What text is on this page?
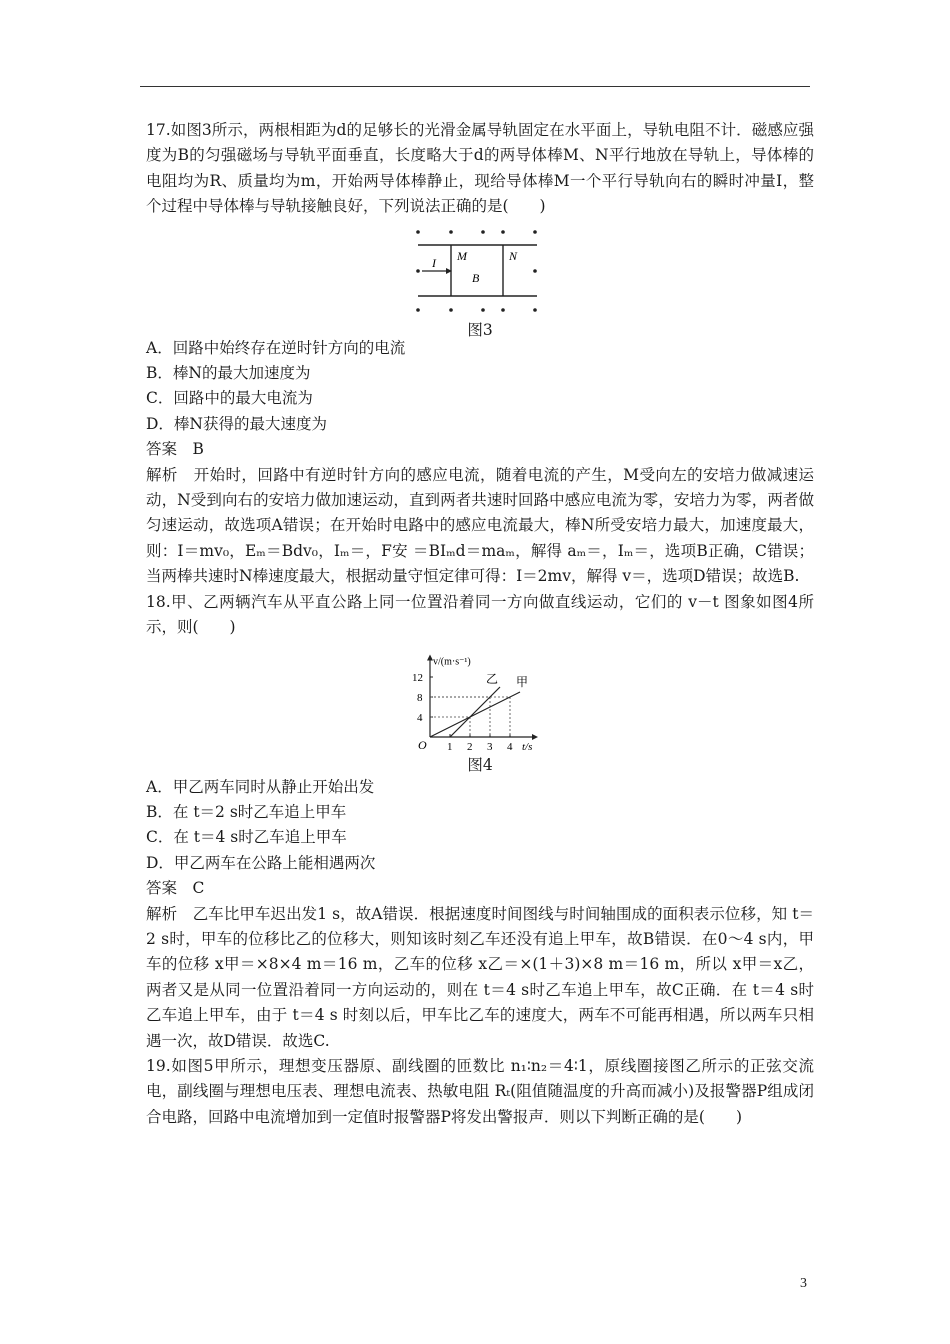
17.如图3所示，两根相距为d的足够长的光滑金属导轨固定在水平面上，导轨电阻不计．磁感应强度为B的匀强磁场与导轨平面垂直，长度略大于d的两导体棒M、N平行地放在导轨上，导体棒的电阻均为R、质量均为m，开始两导体棒静止，现给导体棒M一个平行导轨向右的瞬时冲量I，整个过程中导体棒与导轨接触良好，下列说法正确的是(　　)

I M
B
N
图3

A．回路中始终存在逆时针方向的电流

B．棒N的最大加速度为

C．回路中的最大电流为

D．棒N获得的最大速度为

答案　B

解析　开始时，回路中有逆时针方向的感应电流，随着电流的产生，M受向左的安培力做减速运动，N受到向右的安培力做加速运动，直到两者共速时回路中感应电流为零，安培力为零，两者做匀速运动，故选项A错误；在开始时电路中的感应电流最大，棒N所受安培力最大，加速度最大，则：I＝mv₀，Eₘ＝Bdv₀，Iₘ＝，F安 ＝BIₘd＝maₘ，解得 aₘ＝，Iₘ＝，选项B正确，C错误；当两棒共速时N棒速度最大，根据动量守恒定律可得：I＝2mv，解得 v＝，选项D错误；故选B.

18.甲、乙两辆汽车从平直公路上同一位置沿着同一方向做直线运动，它们的 v－t 图象如图4所示，则(　　)

1 2 3 4
4
8
12	甲
乙
O	t/s
v/(m·s⁻¹)
图4

A．甲乙两车同时从静止开始出发

B．在 t＝2 s时乙车追上甲车

C．在 t＝4 s时乙车追上甲车

D．甲乙两车在公路上能相遇两次

答案　C

解析　乙车比甲车迟出发1 s，故A错误．根据速度时间图线与时间轴围成的面积表示位移，知 t＝2 s时，甲车的位移比乙的位移大，则知该时刻乙车还没有追上甲车，故B错误．在0～4 s内，甲车的位移 x甲＝×8×4 m＝16 m，乙车的位移 x乙＝×(1＋3)×8 m＝16 m，所以 x甲＝x乙，两者又是从同一位置沿着同一方向运动的，则在 t＝4 s时乙车追上甲车，故C正确．在 t＝4 s时乙车追上甲车，由于 t＝4 s 时刻以后，甲车比乙车的速度大，两车不可能再相遇，所以两车只相遇一次，故D错误．故选C.

19.如图5甲所示，理想变压器原、副线圈的匝数比 n₁∶n₂＝4∶1，原线圈接图乙所示的正弦交流电，副线圈与理想电压表、理想电流表、热敏电阻 Rₜ(阻值随温度的升高而减小)及报警器P组成闭合电路，回路中电流增加到一定值时报警器P将发出警报声．则以下判断正确的是(　　)

3
